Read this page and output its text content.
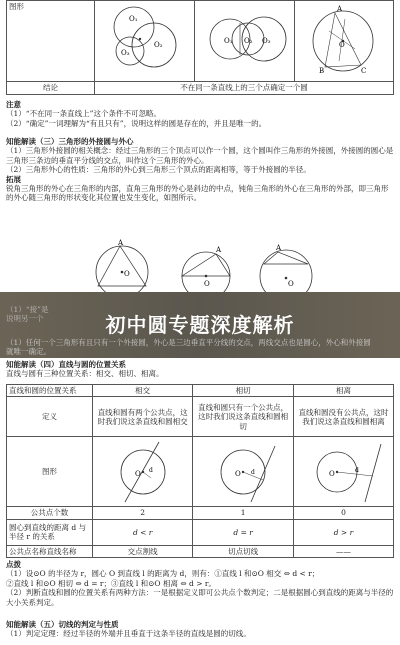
图形	O₁
O₂
O₃	O₁ O₂ O₃	A
O
B C

结论	不在同一条直线上的三个点确定一个圆		
注意
（1）“不在同一条直线上”这个条件不可忽略。
（2）“确定”一词理解为“有且只有”，说明这样的圆是存在的，并且是唯一的。
知能解读（三）三角形的外接圆与外心
（1）三角形外接圆的相关概念：经过三角形的三个顶点可以作一个圆，这个圆叫作三角形的外接圆，外接圆的圆心是三角形三条边的垂直平分线的交点，叫作这个三角形的外心。
（2）三角形外心的性质：三角形的外心到三角形三个顶点的距离相等，等于外接圆的半径。
拓展
锐角三角形的外心在三角形的内部，直角三角形的外心是斜边的中点，钝角三角形的外心在三角形的外部，即三角形的外心随三角形的形状变化其位置也发生变化，如图所示。
A
O
A
O
A
O
初中圆专题深度解析
（1）“接”是
说明另一个
（1）任何一个三角形有且只有一个外接圆，外心是三边垂直平分线的交点，两线交点也是圆心，外心和外接圆
就唯一确定。
知能解读（四）直线与圆的位置关系
直线与圆有三种位置关系：相交、相切、相离。
直线和圆的位置关系	相交	相切	相离
定义	直线和圆有两个公共点，这时我们说这条直线和圆相交	直线和圆只有一个公共点，这时我们说这条直线和圆相切	直线和圆没有公共点，这时我们说这条直线和圆相离
图形	O d	O d	O d

公共点个数	2	1	0
圆心到直线的距离 d 与半径 r 的关系	d < r	d = r	d > r
公共点名称直线名称	交点割线	切点切线	——
点拨
（1）设⊙O 的半径为 r，圆心 O 到直线 l 的距离为 d，则有：①直线 l 和⊙O 相交 ⇔ d < r；
②直线 l 和⊙O 相切 ⇔ d = r；③直线 l 和⊙O 相离 ⇔ d > r。
（2）判断直线和圆的位置关系有两种方法：一是根据定义即可公共点个数判定；二是根据圆心到直线的距离与半径的大小关系判定。
知能解读（五）切线的判定与性质
（1）判定定理：经过半径的外端并且垂直于这条半径的直线是圆的切线。
